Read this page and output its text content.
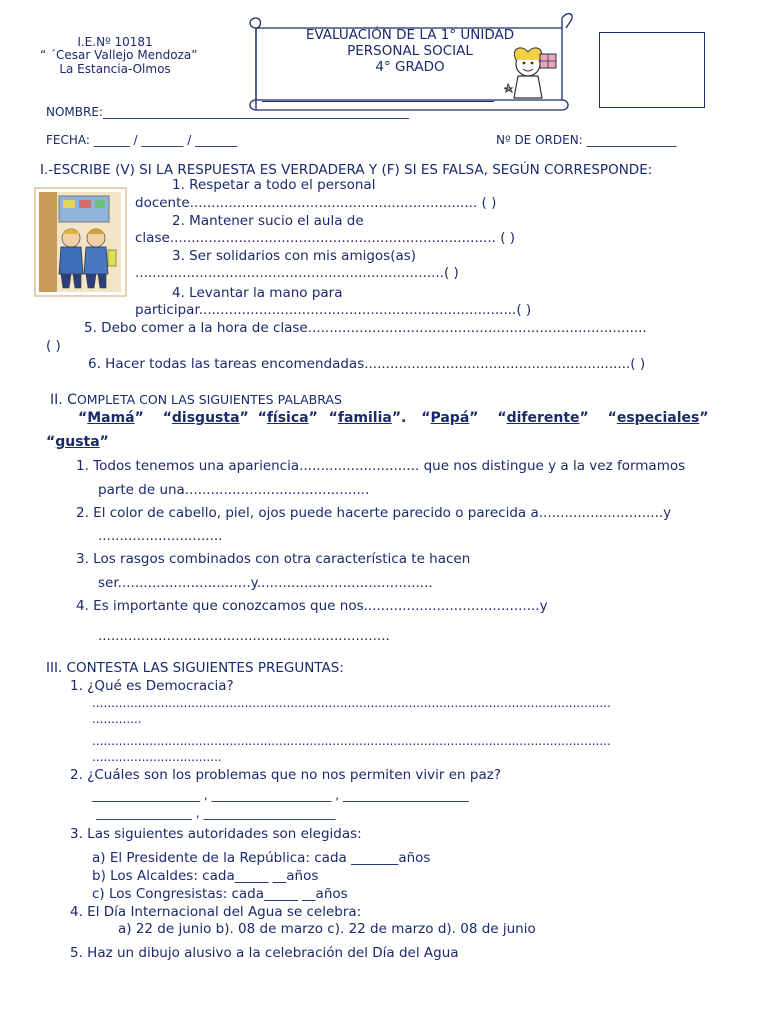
I.E.Nº 10181
“ ´Cesar Vallejo Mendoza”
La Estancia-Olmos
EVALUACIÓN DE LA 1° UNIDAD
PERSONAL SOCIAL
4° GRADO
NOMBRE:___________________________________________________
FECHA: ______ / _______ / _______	Nº DE ORDEN: _______________
I.-ESCRIBE (V) SI LA RESPUESTA ES VERDADERA Y (F) SI ES FALSA, SEGÚN CORRESPONDE:
1. Respetar a todo el personal
docente................................................................... ( )
2. Mantener sucio el aula de
clase............................................................................ ( )
3. Ser solidarios con mis amigos(as)
........................................................................( )
4. Levantar la mano para
participar..........................................................................( )
5. Debo comer a la hora de clase...............................................................................
( )
6. Hacer todas las tareas encomendadas..............................................................( )
II. COMPLETA CON LAS SIGUIENTES PALABRAS
“Mamá” “disgusta” “física” “familia”. “Papá” “diferente” “especiales”
“gusta”
1. Todos tenemos una apariencia............................ que nos distingue y a la vez formamos
parte de una...........................................
2. El color de cabello, piel, ojos puede hacerte parecido o parecida a.............................y
.............................
3. Los rasgos combinados con otra característica te hacen
ser...............................y.........................................
4. Es importante que conozcamos que nos.........................................y
....................................................................
III. CONTESTA LAS SIGUIENTES PREGUNTAS:
1. ¿Qué es Democracia?
........................................................................................................................................
.............
........................................................................................................................................
..................................
2. ¿Cuáles son los problemas que no nos permiten vivir en paz?
__________________ , ____________________ , _____________________
________________ , ______________________
3. Las siguientes autoridades son elegidas:
a) El Presidente de la República: cada _______años
b) Los Alcaldes: cada_____ __años
c) Los Congresistas: cada_____ __años
4. El Día Internacional del Agua se celebra:
a) 22 de junio b). 08 de marzo c). 22 de marzo d). 08 de junio
5. Haz un dibujo alusivo a la celebración del Día del Agua
